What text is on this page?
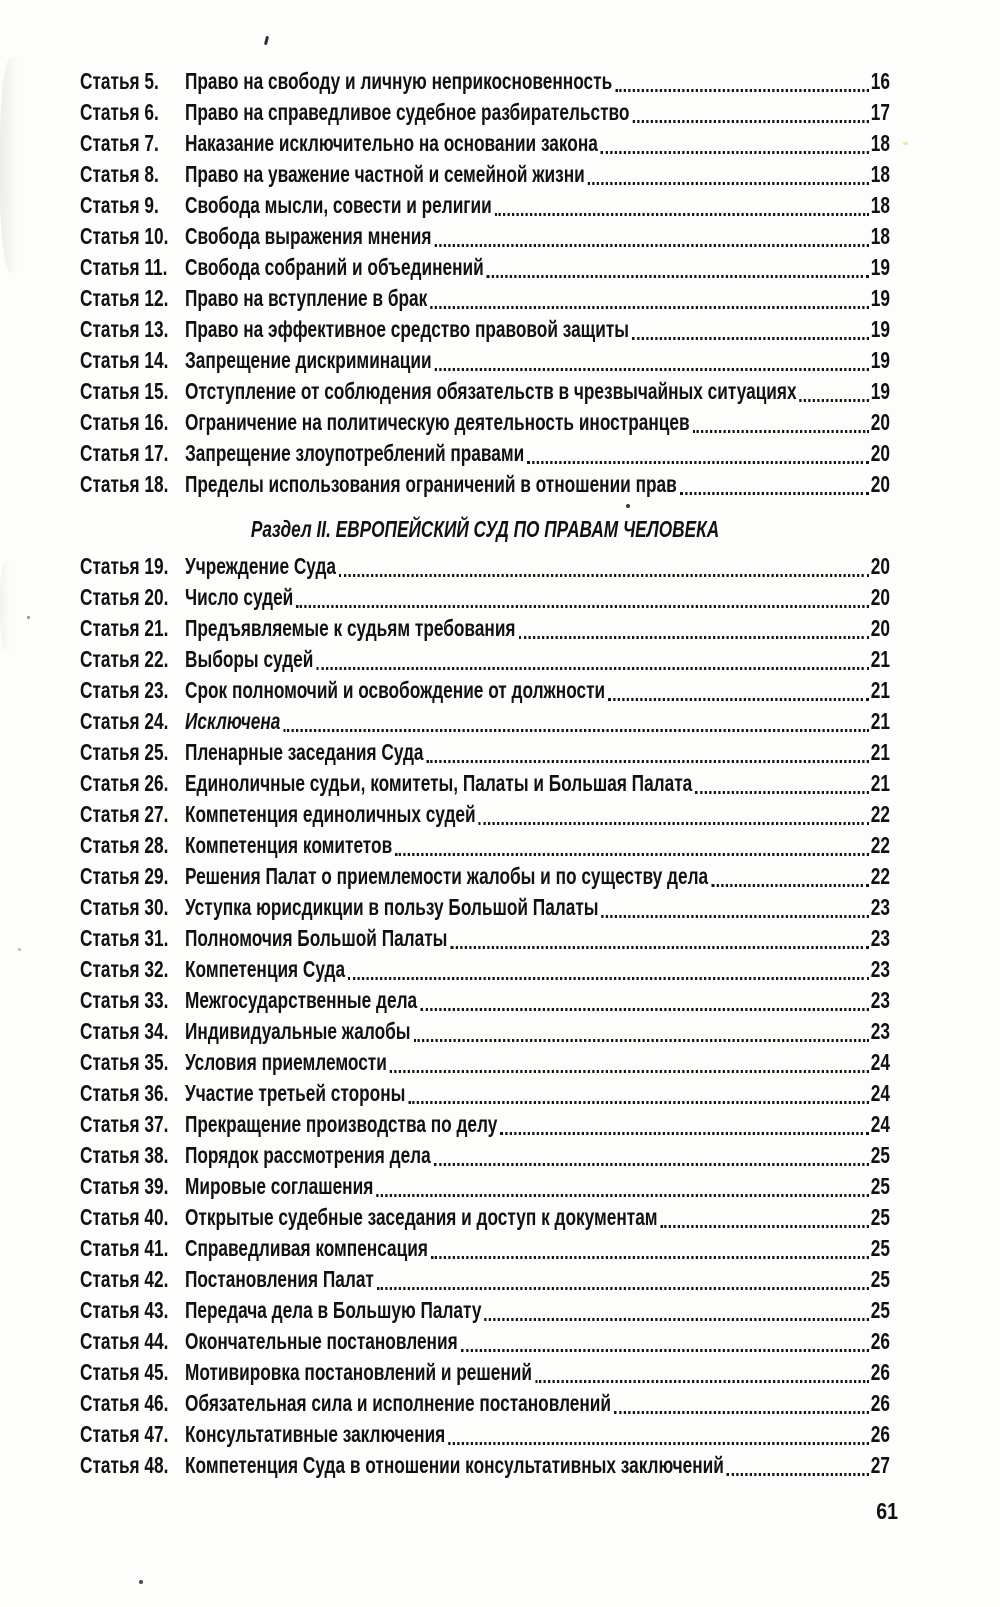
Статья 5.	Право на свободу и личную неприкосновенность	16
Статья 6.	Право на справедливое судебное разбирательство	17
Статья 7.	Наказание исключительно на основании закона	18
Статья 8.	Право на уважение частной и семейной жизни	18
Статья 9.	Свобода мысли, совести и религии	18
Статья 10. Свобода выражения мнения	18
Статья 11. Свобода собраний и объединений	19
Статья 12. Право на вступление в брак	19
Статья 13. Право на эффективное средство правовой защиты	19
Статья 14. Запрещение дискриминации	19
Статья 15. Отступление от соблюдения обязательств в чрезвычайных ситуациях	19
Статья 16. Ограничение на политическую деятельность иностранцев	20
Статья 17. Запрещение злоупотреблений правами	20
Статья 18. Пределы использования ограничений в отношении прав	20
Раздел II. ЕВРОПЕЙСКИЙ СУД ПО ПРАВАМ ЧЕЛОВЕКА
Статья 19. Учреждение Суда	20
Статья 20. Число судей	20
Статья 21. Предъявляемые к судьям требования	20
Статья 22. Выборы судей	21
Статья 23. Срок полномочий и освобождение от должности	21
Статья 24. Исключена	21
Статья 25. Пленарные заседания Суда	21
Статья 26. Единоличные судьи, комитеты, Палаты и Большая Палата	21
Статья 27. Компетенция единоличных судей	22
Статья 28. Компетенция комитетов	22
Статья 29. Решения Палат о приемлемости жалобы и по существу дела	22
Статья 30. Уступка юрисдикции в пользу Большой Палаты	23
Статья 31. Полномочия Большой Палаты	23
Статья 32. Компетенция Суда	23
Статья 33. Межгосударственные дела	23
Статья 34. Индивидуальные жалобы	23
Статья 35. Условия приемлемости	24
Статья 36. Участие третьей стороны	24
Статья 37. Прекращение производства по делу	24
Статья 38. Порядок рассмотрения дела	25
Статья 39. Мировые соглашения	25
Статья 40. Открытые судебные заседания и доступ к документам	25
Статья 41. Справедливая компенсация	25
Статья 42. Постановления Палат	25
Статья 43. Передача дела в Большую Палату	25
Статья 44. Окончательные постановления	26
Статья 45. Мотивировка постановлений и решений	26
Статья 46. Обязательная сила и исполнение постановлений	26
Статья 47. Консультативные заключения	26
Статья 48. Компетенция Суда в отношении консультативных заключений	27
61
